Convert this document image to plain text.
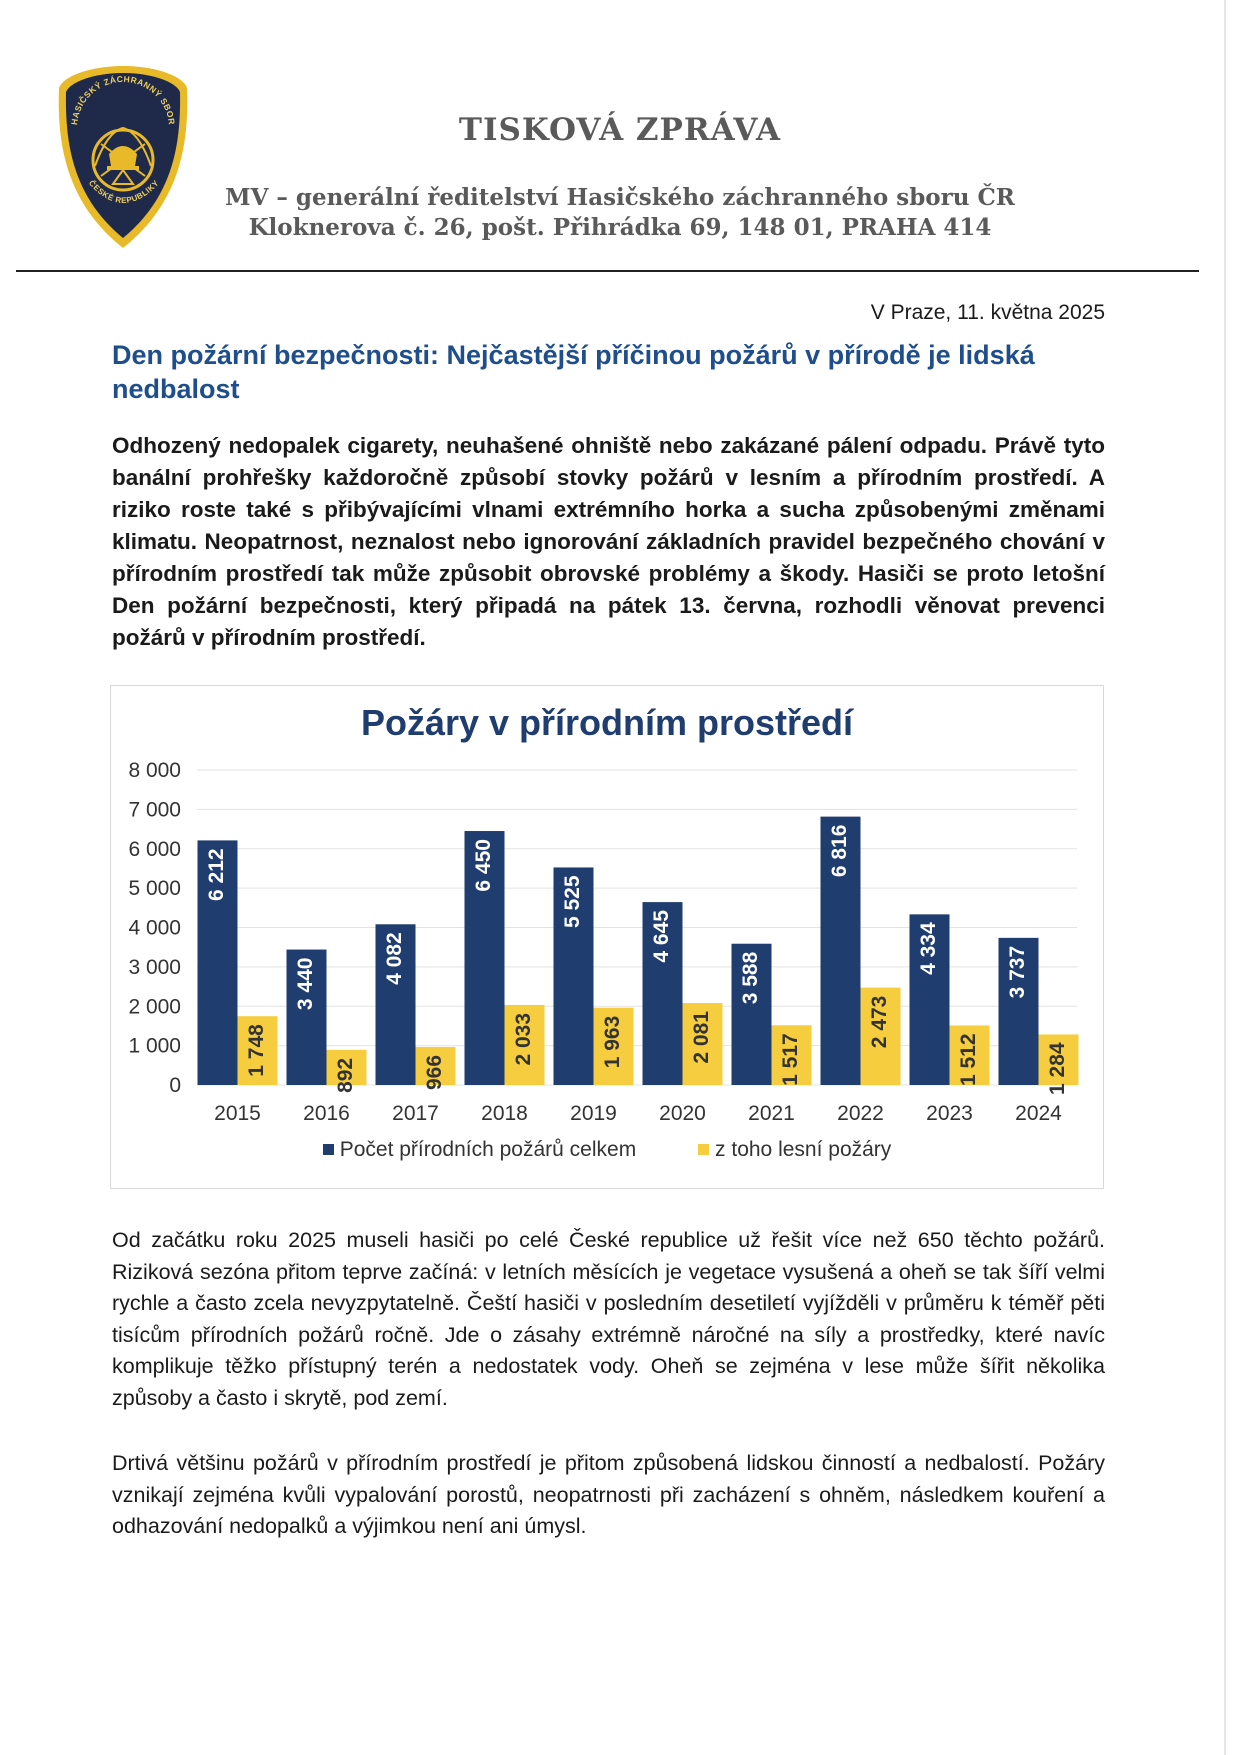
HASIČSKÝ ZÁCHRANNÝ SBOR
ČESKÉ REPUBLIKY
TISKOVÁ ZPRÁVA
MV – generální ředitelství Hasičského záchranného sboru ČR
Kloknerova č. 26, pošt. Přihrádka 69, 148 01, PRAHA 414
V Praze, 11. května 2025
Den požární bezpečnosti: Nejčastější příčinou požárů v přírodě je lidská nedbalost
Odhozený nedopalek cigarety, neuhašené ohniště nebo zakázané pálení odpadu. Právě tyto banální prohřešky každoročně způsobí stovky požárů v lesním a přírodním prostředí. A riziko roste také s přibývajícími vlnami extrémního horka a sucha způsobenými změnami klimatu. Neopatrnost, neznalost nebo ignorování základních pravidel bezpečného chování v přírodním prostředí tak může způsobit obrovské problémy a škody. Hasiči se proto letošní Den požární bezpečnosti, který připadá na pátek 13. června, rozhodli věnovat prevenci požárů v přírodním prostředí.
Požáry v přírodním prostředí
0
1 000
2 000
3 000
4 000
5 000
6 000
7 000
8 000
6 212
1 748
2015
3 440
892
2016
4 082
966
2017
6 450
2 033
2018
5 525
1 963
2019
4 645
2 081
2020
3 588
1 517
2021
6 816
2 473
2022
4 334
1 512
2023
3 737
1 284
2024
Počet přírodních požárů celkem	z toho lesní požáry
Od začátku roku 2025 museli hasiči po celé České republice už řešit více než 650 těchto požárů. Riziková sezóna přitom teprve začíná: v letních měsících je vegetace vysušená a oheň se tak šíří velmi rychle a často zcela nevyzpytatelně. Čeští hasiči v posledním desetiletí vyjížděli v průměru k téměř pěti tisícům přírodních požárů ročně. Jde o zásahy extrémně náročné na síly a prostředky, které navíc komplikuje těžko přístupný terén a nedostatek vody. Oheň se zejména v lese může šířit několika způsoby a často i skrytě, pod zemí.
Drtivá většinu požárů v přírodním prostředí je přitom způsobená lidskou činností a nedbalostí. Požáry vznikají zejména kvůli vypalování porostů, neopatrnosti při zacházení s ohněm, následkem kouření a odhazování nedopalků a výjimkou není ani úmysl.
